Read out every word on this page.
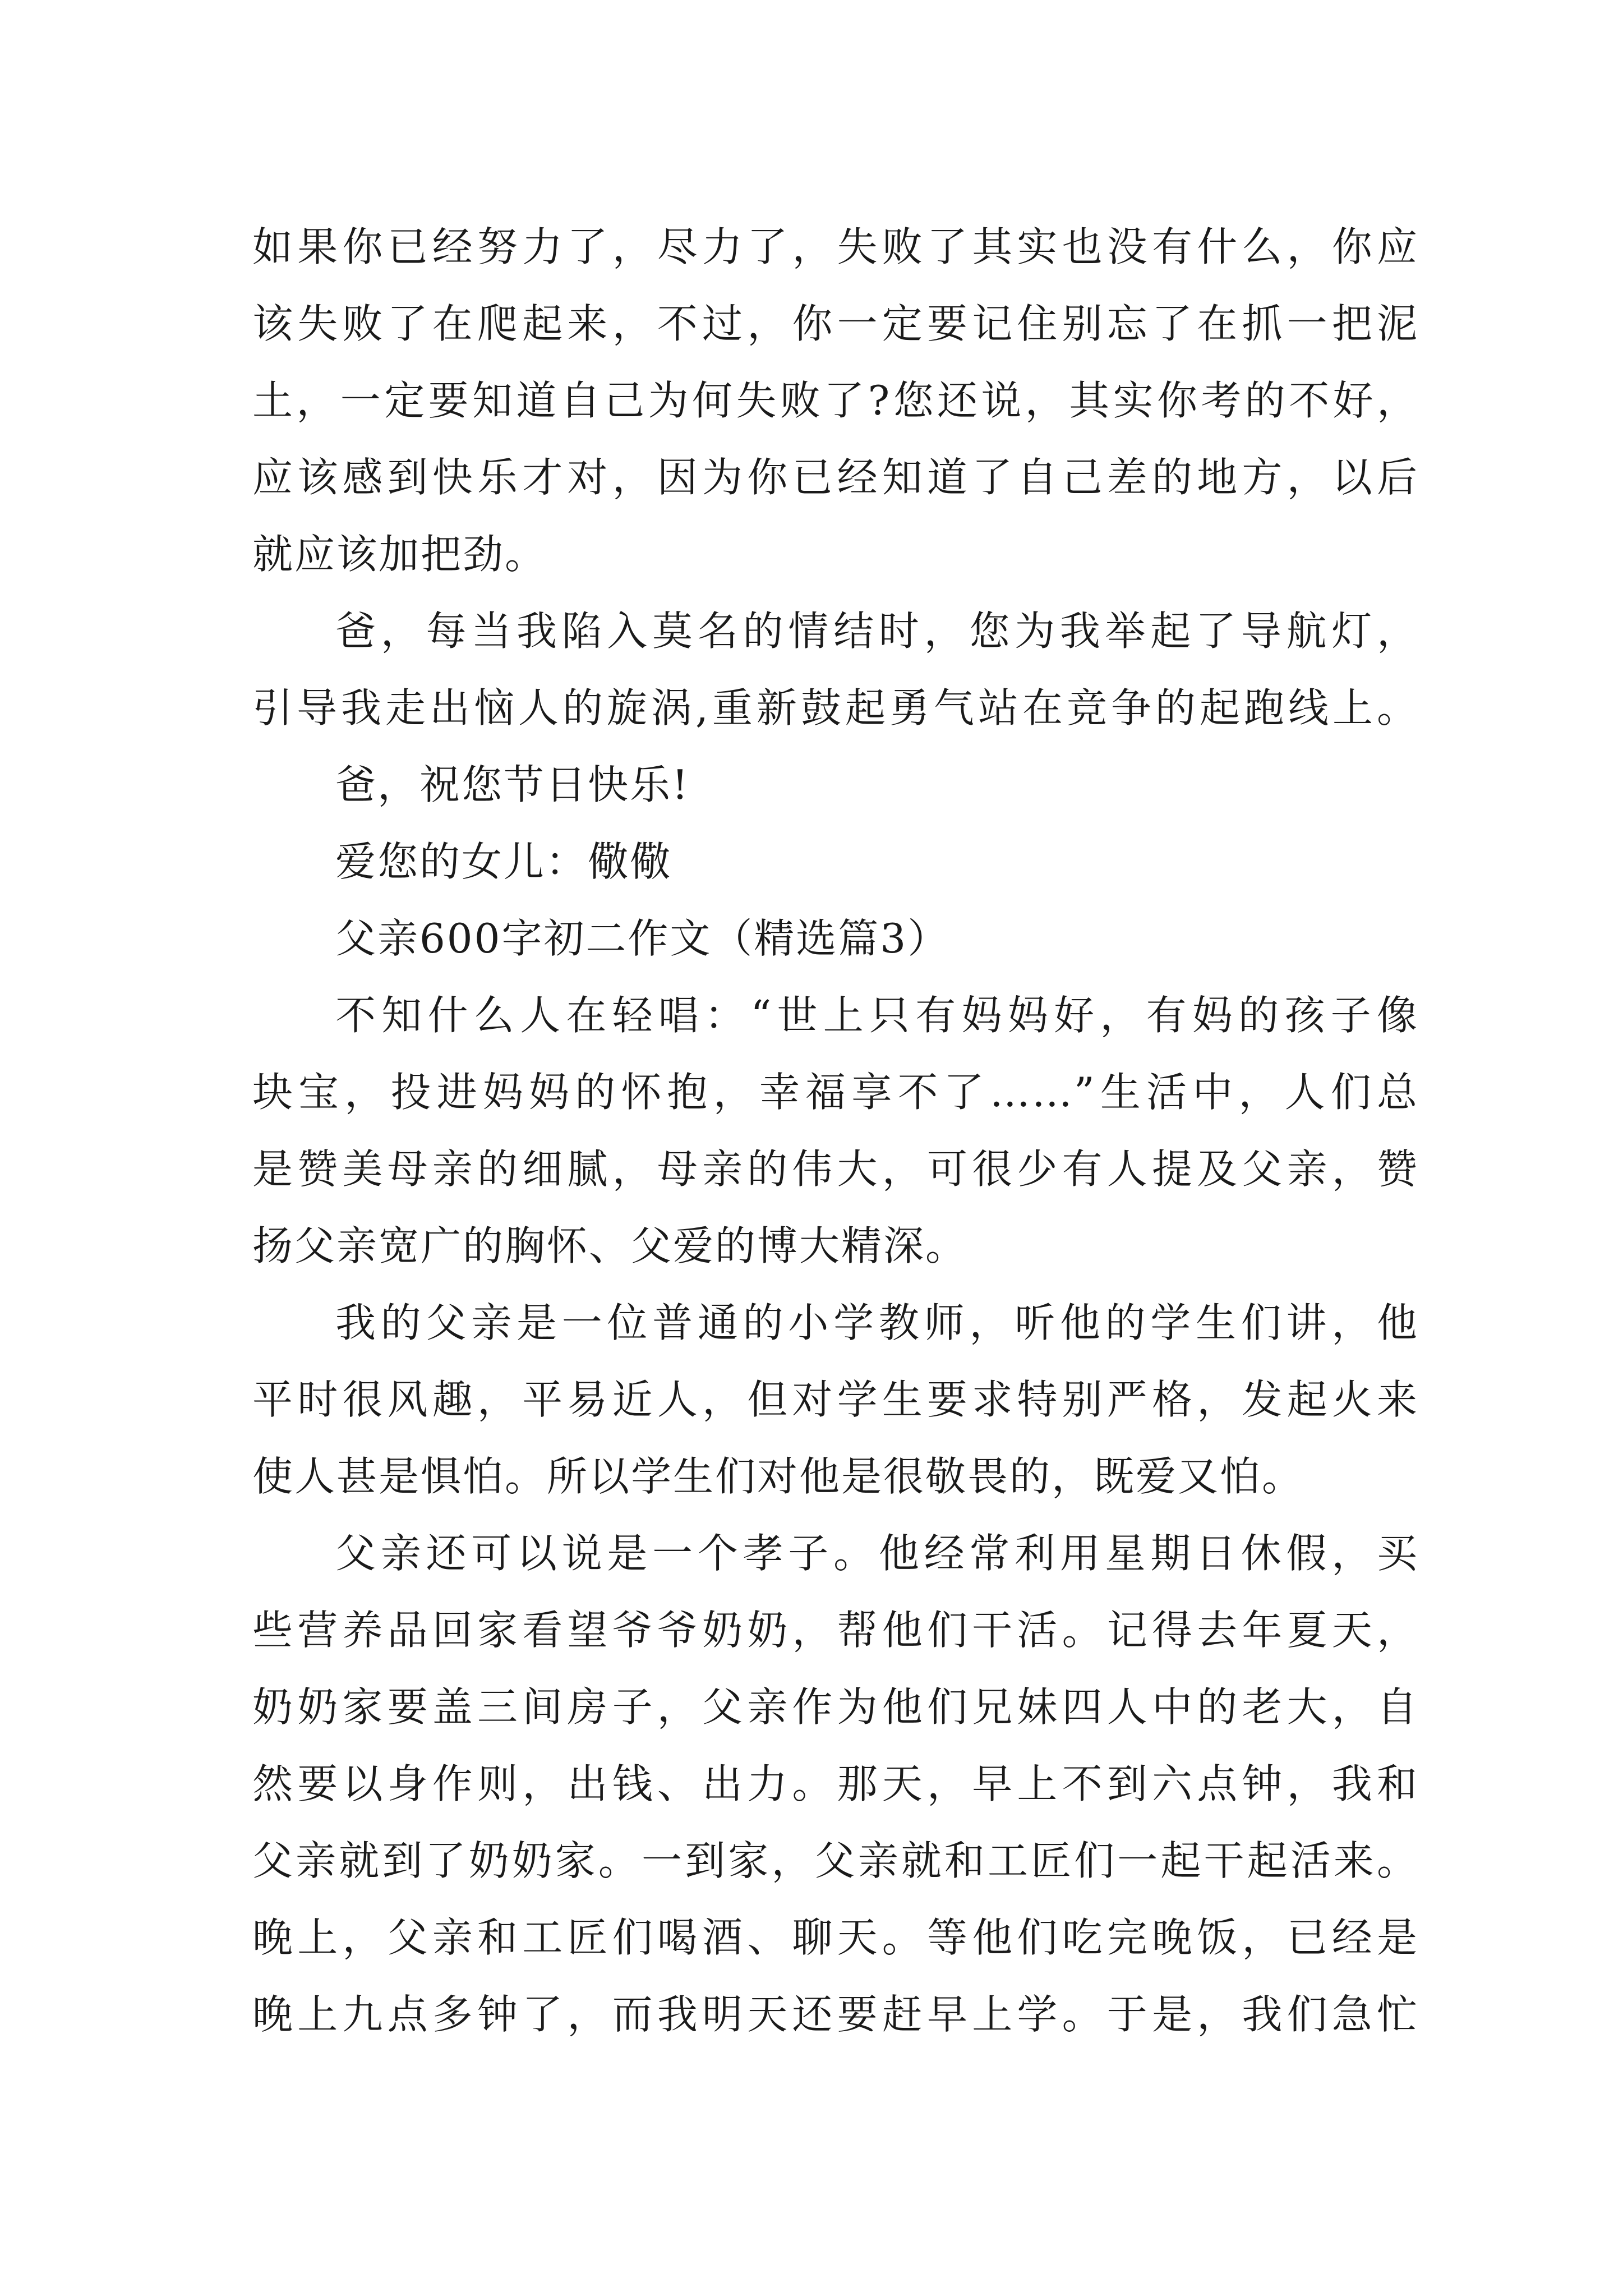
如果你已经努力了，尽力了，失败了其实也没有什么，你应
该失败了在爬起来，不过，你一定要记住别忘了在抓一把泥
土，一定要知道自己为何失败了?您还说，其实你考的不好，
应该感到快乐才对，因为你已经知道了自己差的地方，以后
就应该加把劲。
爸，每当我陷入莫名的情结时，您为我举起了导航灯，
引导我走出恼人的旋涡,重新鼓起勇气站在竞争的起跑线上。
爸，祝您节日快乐!
爱您的女儿：儆儆
父亲600字初二作文（精选篇3）
不知什么人在轻唱：“世上只有妈妈好，有妈的孩子像
块宝，投进妈妈的怀抱，幸福享不了……”生活中，人们总
是赞美母亲的细腻，母亲的伟大，可很少有人提及父亲，赞
扬父亲宽广的胸怀、父爱的博大精深。
我的父亲是一位普通的小学教师，听他的学生们讲，他
平时很风趣，平易近人，但对学生要求特别严格，发起火来
使人甚是惧怕。所以学生们对他是很敬畏的，既爱又怕。
父亲还可以说是一个孝子。他经常利用星期日休假，买
些营养品回家看望爷爷奶奶，帮他们干活。记得去年夏天，
奶奶家要盖三间房子，父亲作为他们兄妹四人中的老大，自
然要以身作则，出钱、出力。那天，早上不到六点钟，我和
父亲就到了奶奶家。一到家，父亲就和工匠们一起干起活来。
晚上，父亲和工匠们喝酒、聊天。等他们吃完晚饭，已经是
晚上九点多钟了，而我明天还要赶早上学。于是，我们急忙
